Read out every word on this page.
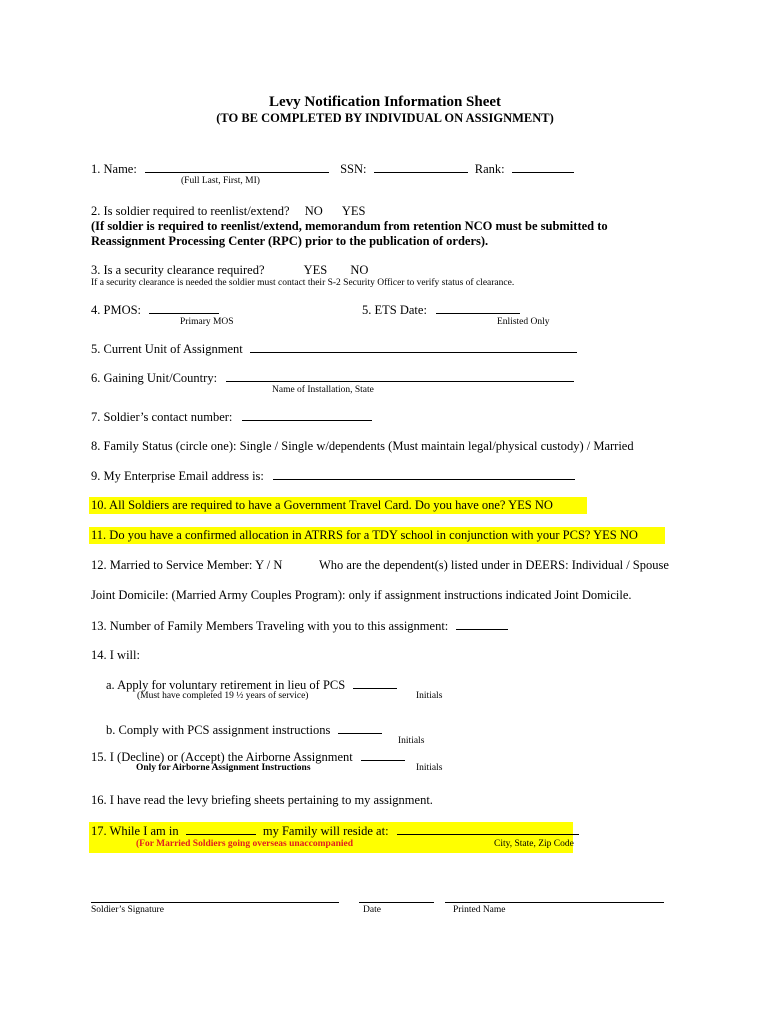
Levy Notification Information Sheet
(TO BE COMPLETED BY INDIVIDUAL ON ASSIGNMENT)
1. Name:	SSN:	Rank:
(Full Last, First, MI)
2. Is soldier required to reenlist/extend? NO YES
(If soldier is required to reenlist/extend, memorandum from retention NCO must be submitted to
Reassignment Processing Center (RPC) prior to the publication of orders).
3. Is a security clearance required?	YES NO
If a security clearance is needed the soldier must contact their S-2 Security Officer to verify status of clearance.
4. PMOS:
Primary MOS
5. ETS Date:
Enlisted Only
5. Current Unit of Assignment
6. Gaining Unit/Country:
Name of Installation, State
7. Soldier’s contact number:
8. Family Status (circle one): Single / Single w/dependents (Must maintain legal/physical custody) / Married
9. My Enterprise Email address is:
10. All Soldiers are required to have a Government Travel Card. Do you have one? YES NO
11. Do you have a confirmed allocation in ATRRS for a TDY school in conjunction with your PCS? YES NO
12. Married to Service Member: Y / N	Who are the dependent(s) listed under in DEERS: Individual / Spouse
Joint Domicile: (Married Army Couples Program): only if assignment instructions indicated Joint Domicile.
13. Number of Family Members Traveling with you to this assignment:
14. I will:
a. Apply for voluntary retirement in lieu of PCS
(Must have completed 19 ½ years of service)	Initials
b. Comply with PCS assignment instructions
Initials
15. I (Decline) or (Accept) the Airborne Assignment
Only for Airborne Assignment Instructions	Initials
16. I have read the levy briefing sheets pertaining to my assignment.
17. While I am in	my Family will reside at:
(For Married Soldiers going overseas unaccompanied	City, State, Zip Code
Soldier’s Signature	Date	Printed Name
